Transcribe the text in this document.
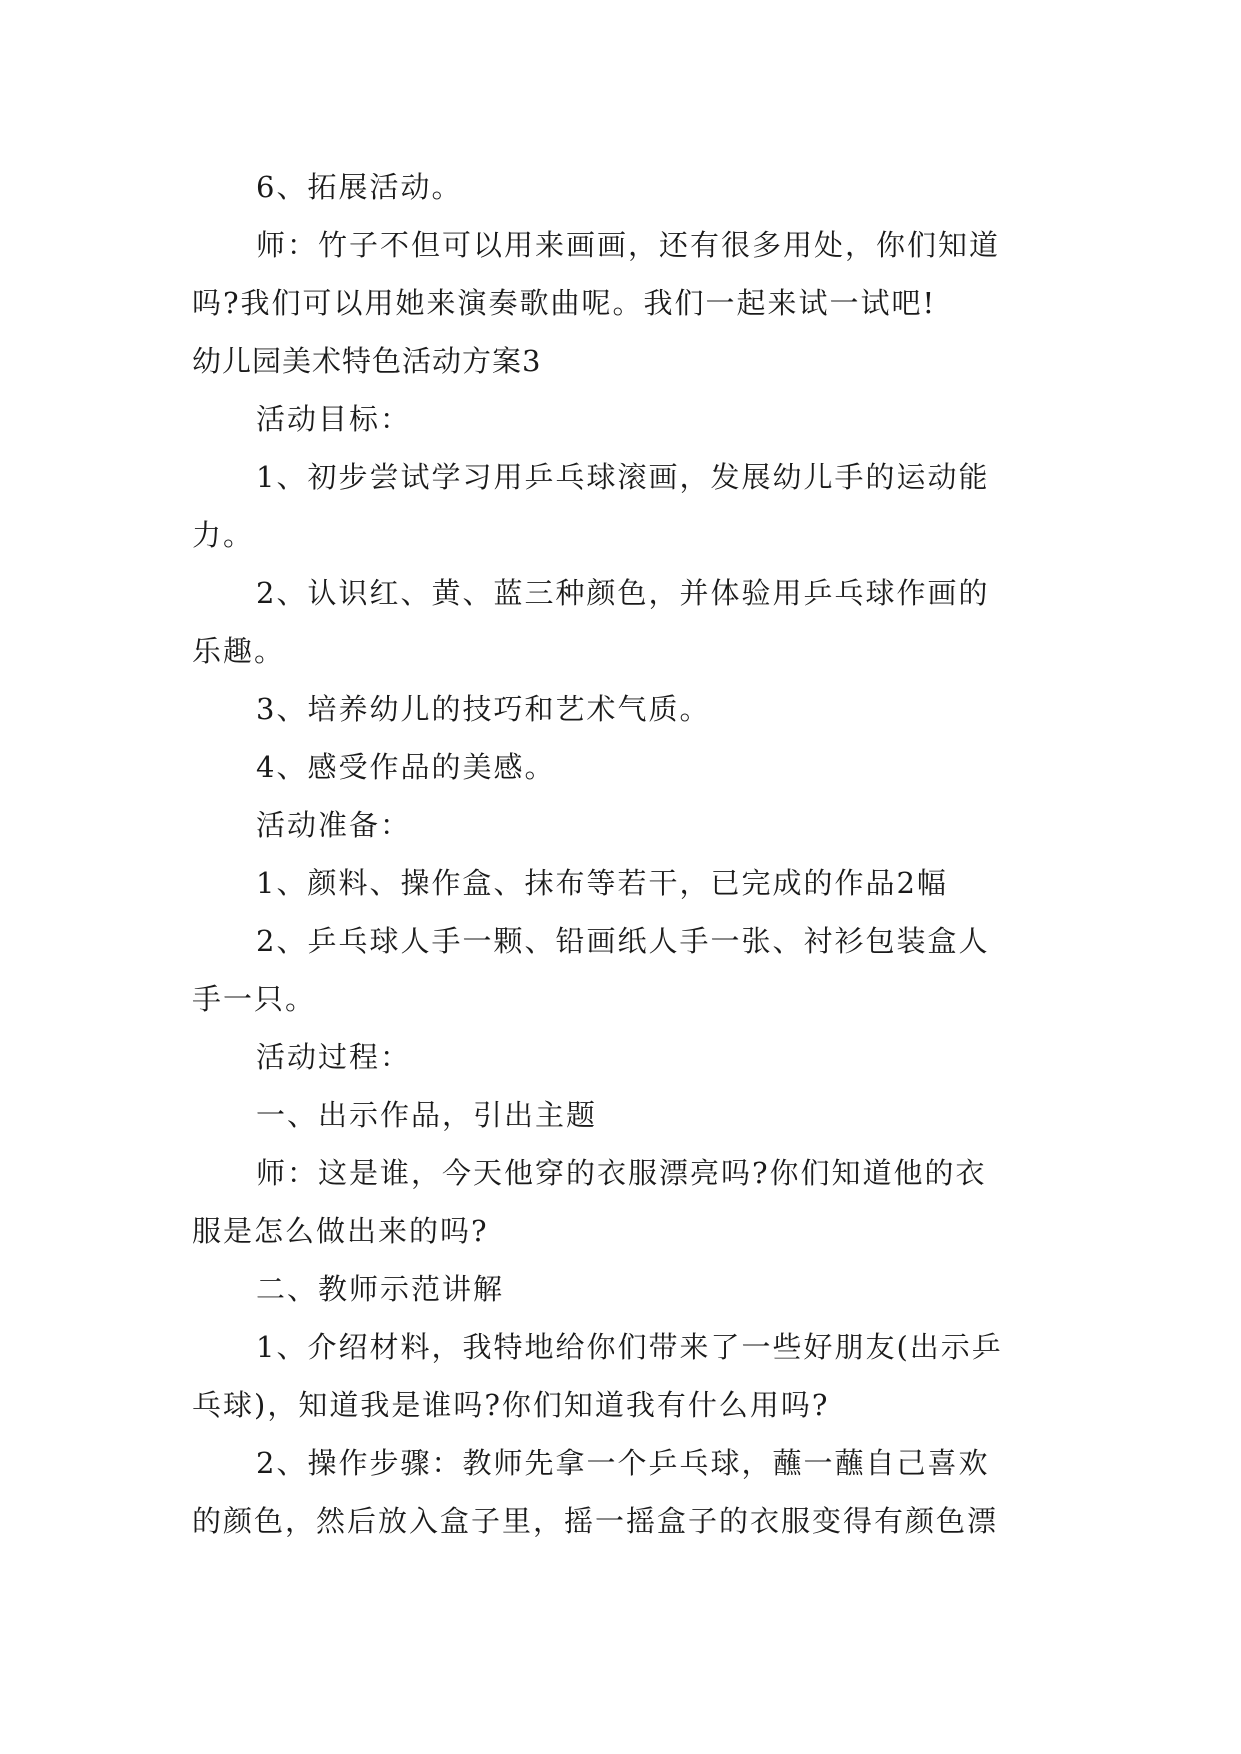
6、拓展活动。
师：竹子不但可以用来画画，还有很多用处，你们知道
吗?我们可以用她来演奏歌曲呢。我们一起来试一试吧!
幼儿园美术特色活动方案3
活动目标：
1、初步尝试学习用乒乓球滚画，发展幼儿手的运动能
力。
2、认识红、黄、蓝三种颜色，并体验用乒乓球作画的
乐趣。
3、培养幼儿的技巧和艺术气质。
4、感受作品的美感。
活动准备：
1、颜料、操作盒、抹布等若干，已完成的作品2幅
2、乒乓球人手一颗、铅画纸人手一张、衬衫包装盒人
手一只。
活动过程：
一、出示作品，引出主题
师：这是谁，今天他穿的衣服漂亮吗?你们知道他的衣
服是怎么做出来的吗?
二、教师示范讲解
1、介绍材料，我特地给你们带来了一些好朋友(出示乒
乓球)，知道我是谁吗?你们知道我有什么用吗?
2、操作步骤：教师先拿一个乒乓球，蘸一蘸自己喜欢
的颜色，然后放入盒子里，摇一摇盒子的衣服变得有颜色漂
